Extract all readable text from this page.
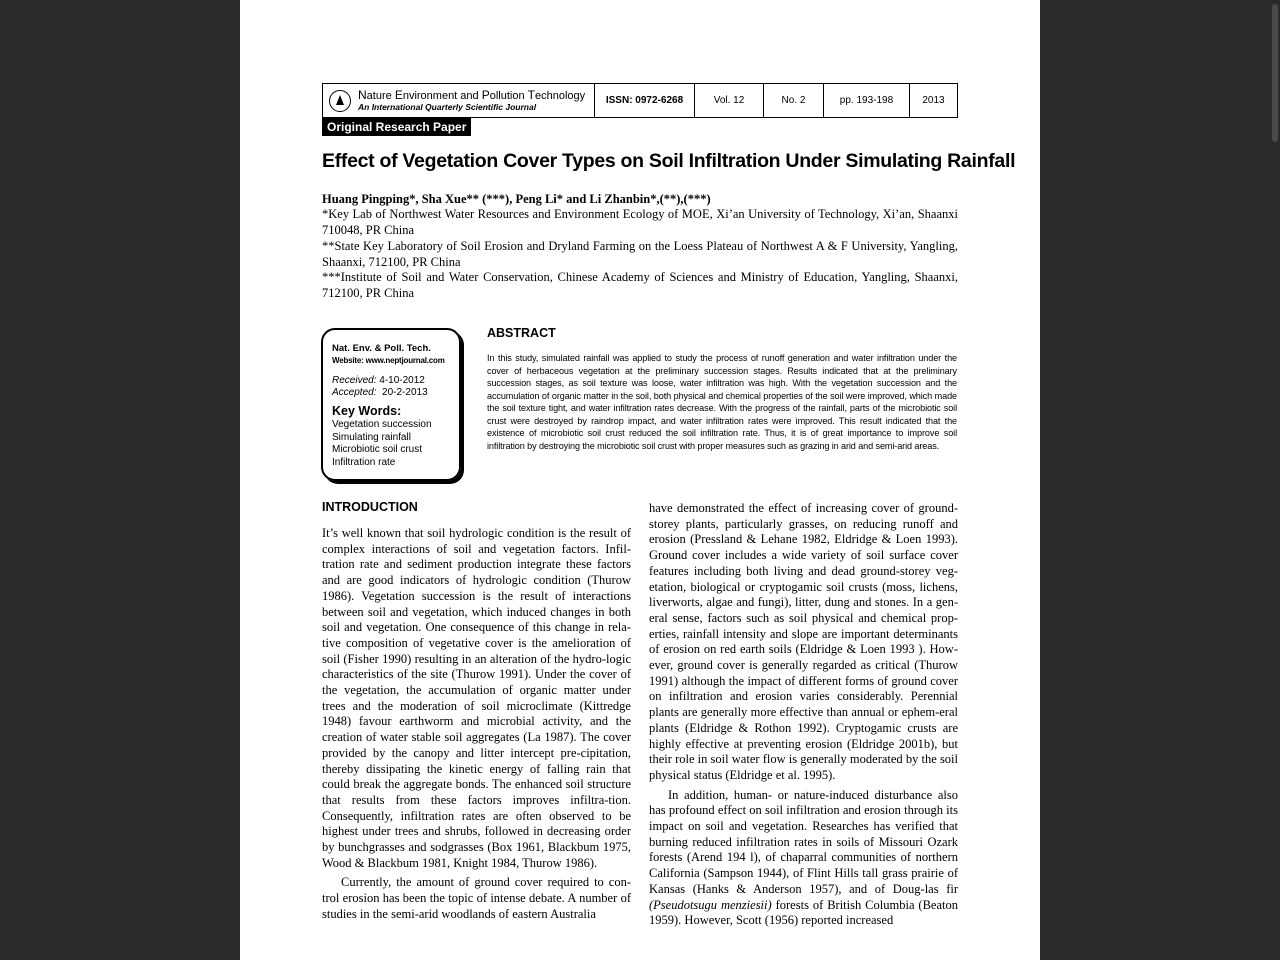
Nature Environment and Pollution Technology
An International Quarterly Scientific Journal
ISSN: 0972-6268	Vol. 12	No. 2	pp. 193-198	2013
Original Research Paper
Effect of Vegetation Cover Types on Soil Infiltration Under Simulating Rainfall
Huang Pingping*, Sha Xue** (***), Peng Li* and Li Zhanbin*,(**),(***)
*Key Lab of Northwest Water Resources and Environment Ecology of MOE, Xi’an University of Technology, Xi’an, Shaanxi 710048, PR China
**State Key Laboratory of Soil Erosion and Dryland Farming on the Loess Plateau of Northwest A & F University, Yangling, Shaanxi, 712100, PR China
***Institute of Soil and Water Conservation, Chinese Academy of Sciences and Ministry of Education, Yangling, Shaanxi, 712100, PR China
Nat. Env. & Poll. Tech.
Website: www.neptjournal.com
Received: 4-10-2012
Accepted: 20-2-2013
Key Words:
Vegetation succession
Simulating rainfall
Microbiotic soil crust
Infiltration rate
ABSTRACT
In this study, simulated rainfall was applied to study the process of runoff generation and water infiltration under the cover of herbaceous vegetation at the preliminary succession stages. Results indicated that at the preliminary succession stages, as soil texture was loose, water infiltration was high. With the vegetation succession and the accumulation of organic matter in the soil, both physical and chemical properties of the soil were improved, which made the soil texture tight, and water infiltration rates decrease. With the progress of the rainfall, parts of the microbiotic soil crust were destroyed by raindrop impact, and water infiltration rates were improved. This result indicated that the existence of microbiotic soil crust reduced the soil infiltration rate. Thus, it is of great importance to improve soil infiltration by destroying the microbiotic soil crust with proper measures such as grazing in arid and semi-arid areas.
INTRODUCTION

It’s well known that soil hydrologic condition is the result of complex interactions of soil and vegetation factors. Infil-tration rate and sediment production integrate these factors and are good indicators of hydrologic condition (Thurow 1986). Vegetation succession is the result of interactions between soil and vegetation, which induced changes in both soil and vegetation. One consequence of this change in rela-tive composition of vegetative cover is the amelioration of soil (Fisher 1990) resulting in an alteration of the hydro-logic characteristics of the site (Thurow 1991). Under the cover of the vegetation, the accumulation of organic matter under trees and the moderation of soil microclimate (Kittredge 1948) favour earthworm and microbial activity, and the creation of water stable soil aggregates (La 1987). The cover provided by the canopy and litter intercept pre-cipitation, thereby dissipating the kinetic energy of falling rain that could break the aggregate bonds. The enhanced soil structure that results from these factors improves infiltra-tion. Consequently, infiltration rates are often observed to be highest under trees and shrubs, followed in decreasing order by bunchgrasses and sodgrasses (Box 1961, Blackbum 1975, Wood & Blackbum 1981, Knight 1984, Thurow 1986).

Currently, the amount of ground cover required to con-trol erosion has been the topic of intense debate. A number of studies in the semi-arid woodlands of eastern Australia

have demonstrated the effect of increasing cover of ground-storey plants, particularly grasses, on reducing runoff and erosion (Pressland & Lehane 1982, Eldridge & Loen 1993). Ground cover includes a wide variety of soil surface cover features including both living and dead ground-storey veg-etation, biological or cryptogamic soil crusts (moss, lichens, liverworts, algae and fungi), litter, dung and stones. In a gen-eral sense, factors such as soil physical and chemical prop-erties, rainfall intensity and slope are important determinants of erosion on red earth soils (Eldridge & Loen 1993 ). How-ever, ground cover is generally regarded as critical (Thurow 1991) although the impact of different forms of ground cover on infiltration and erosion varies considerably. Perennial plants are generally more effective than annual or ephem-eral plants (Eldridge & Rothon 1992). Cryptogamic crusts are highly effective at preventing erosion (Eldridge 2001b), but their role in soil water flow is generally moderated by the soil physical status (Eldridge et al. 1995).

In addition, human- or nature-induced disturbance also has profound effect on soil infiltration and erosion through its impact on soil and vegetation. Researches has verified that burning reduced infiltration rates in soils of Missouri Ozark forests (Arend 194 l), of chaparral communities of northern California (Sampson 1944), of Flint Hills tall grass prairie of Kansas (Hanks & Anderson 1957), and of Doug-las fir (Pseudotsugu menziesii) forests of British Columbia (Beaton 1959). However, Scott (1956) reported increased
